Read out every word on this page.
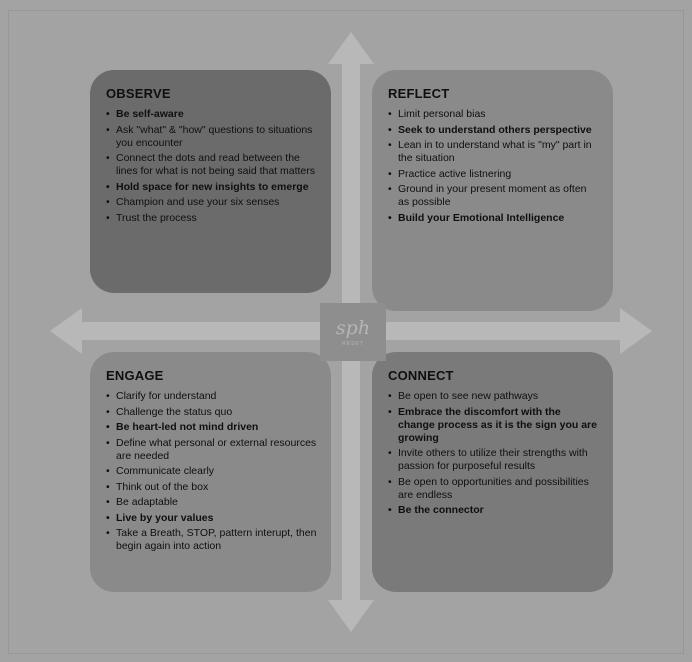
OBSERVE
• Be self-aware
• Ask "what" & "how" questions to situations you encounter
• Connect the dots and read between the lines for what is not being said that matters
• Hold space for new insights to emerge
• Champion and use your six senses
• Trust the process
REFLECT
• Limit personal bias
• Seek to understand others perspective
• Lean in to understand what is "my" part in the situation
• Practice active listnering
• Ground in your present moment as often as possible
• Build your Emotional Intelligence
ENGAGE
• Clarify for understand
• Challenge the status quo
• Be heart-led not mind driven
• Define what personal or external resources are needed
• Communicate clearly
• Think out of the box
• Be adaptable
• Live by your values
• Take a Breath, STOP, pattern interupt, then begin again into action
CONNECT
• Be open to see new pathways
• Embrace the discomfort with the change process as it is the sign you are growing
• Invite others to utilize their strengths with passion for purposeful results
• Be open to opportunities and possibilities are endless
• Be the connector
sph
RESET
